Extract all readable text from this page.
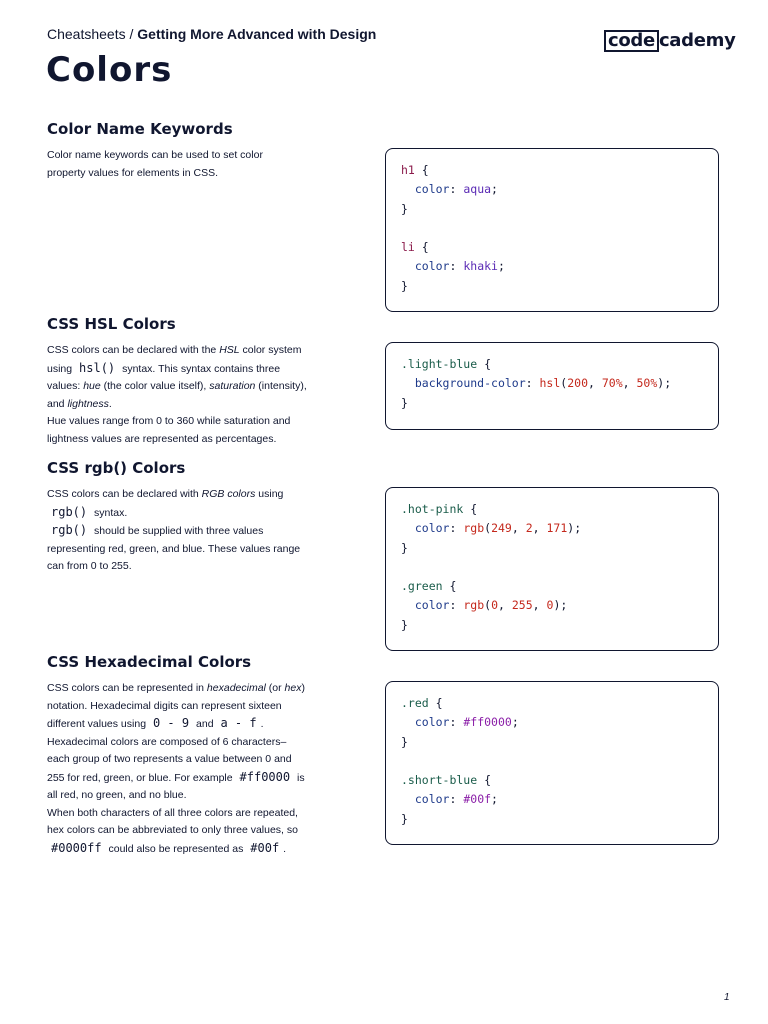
Cheatsheets / Getting More Advanced with Design	code cademy
Colors
Color Name Keywords

Color name keywords can be used to set color

property values for elements in CSS.	h1 {
color: aqua;
}

li {
color: khaki;
}
CSS HSL Colors

CSS colors can be declared with the HSL color system

using hsl() syntax. This syntax contains three

values: hue (the color value itself), saturation (intensity),

and lightness.

Hue values range from 0 to 360 while saturation and

lightness values are represented as percentages.

.light-blue {
background-color: hsl(200, 70%, 50%);
}
CSS rgb() Colors

CSS colors can be declared with RGB colors using

rgb() syntax.

rgb() should be supplied with three values

representing red, green, and blue. These values range

can from 0 to 255.

.hot-pink {
color: rgb(249, 2, 171);
}

.green {
color: rgb(0, 255, 0);
}
CSS Hexadecimal Colors

CSS colors can be represented in hexadecimal (or hex)

notation. Hexadecimal digits can represent sixteen

different values using 0 - 9 and a - f .

Hexadecimal colors are composed of 6 characters–

each group of two represents a value between 0 and

255 for red, green, or blue. For example #ff0000 is

all red, no green, and no blue.

When both characters of all three colors are repeated,

hex colors can be abbreviated to only three values, so

#0000ff could also be represented as #00f .

.red {
color: #ff0000;
}

.short-blue {
color: #00f;
}
1
